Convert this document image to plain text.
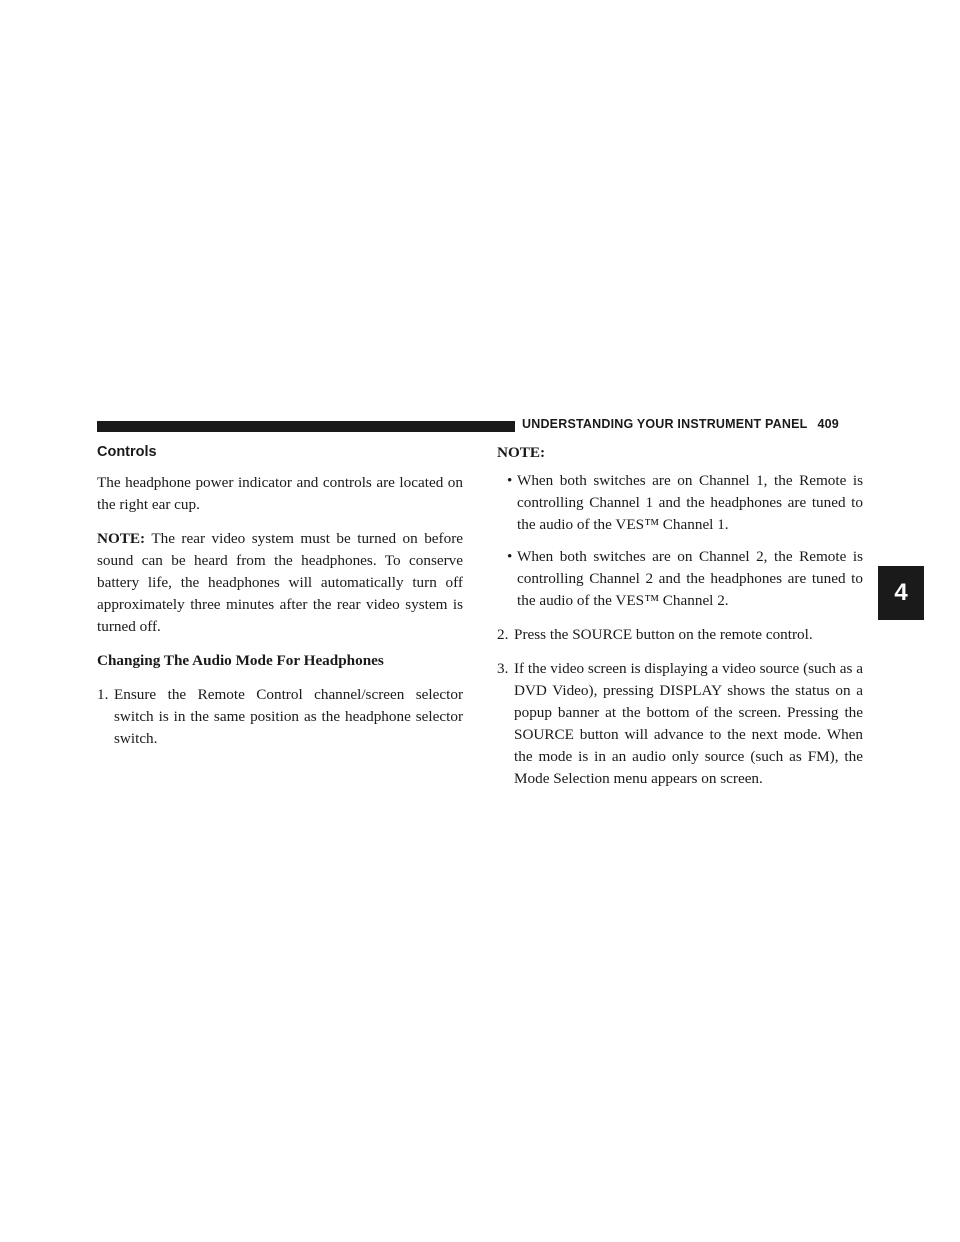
UNDERSTANDING YOUR INSTRUMENT PANEL 409
4
Controls

The headphone power indicator and controls are located on the right ear cup.

NOTE: The rear video system must be turned on before sound can be heard from the headphones. To conserve battery life, the headphones will automatically turn off approximately three minutes after the rear video system is turned off.

Changing The Audio Mode For Headphones
1. Ensure the Remote Control channel/screen selector switch is in the same position as the headphone selector switch.
NOTE:
• When both switches are on Channel 1, the Remote is controlling Channel 1 and the headphones are tuned to the audio of the VES™ Channel 1.
• When both switches are on Channel 2, the Remote is controlling Channel 2 and the headphones are tuned to the audio of the VES™ Channel 2.
2. Press the SOURCE button on the remote control.
3. If the video screen is displaying a video source (such as a DVD Video), pressing DISPLAY shows the status on a popup banner at the bottom of the screen. Pressing the SOURCE button will advance to the next mode. When the mode is in an audio only source (such as FM), the Mode Selection menu appears on screen.
